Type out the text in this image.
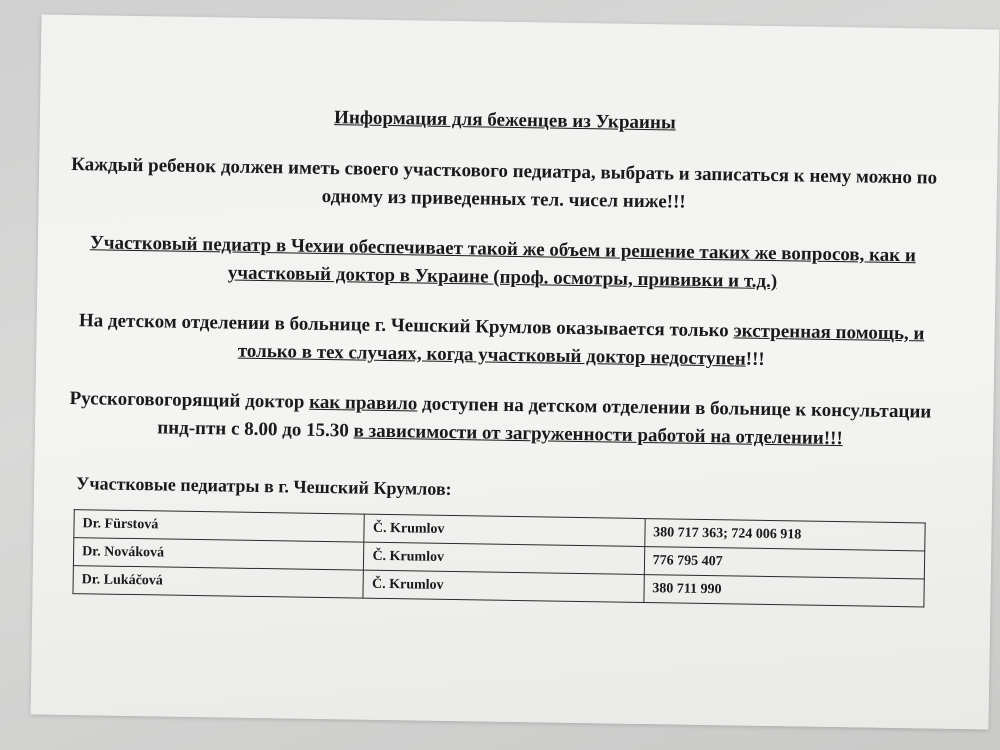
Информация для беженцев из Украины
Каждый ребенок должен иметь своего участкового педиатра, выбрать и записаться к нему можно по одному из приведенных тел. чисел ниже!!!
Участковый педиатр в Чехии обеспечивает такой же объем и решение таких же вопросов, как и участковый доктор в Украине (проф. осмотры, прививки и т.д.)
На детском отделении в больнице г. Чешский Крумлов оказывается только экстренная помощь, и только в тех случаях, когда участковый доктор недоступен!!!
Русскоговогорящий доктор как правило доступен на детском отделении в больнице к консультации пнд-птн с 8.00 до 15.30 в зависимости от загруженности работой на отделении!!!
Участковые педиатры в г. Чешский Крумлов:
Dr. Fürstová	Č. Krumlov	380 717 363; 724 006 918
Dr. Nováková	Č. Krumlov	776 795 407
Dr. Lukáčová	Č. Krumlov	380 711 990
